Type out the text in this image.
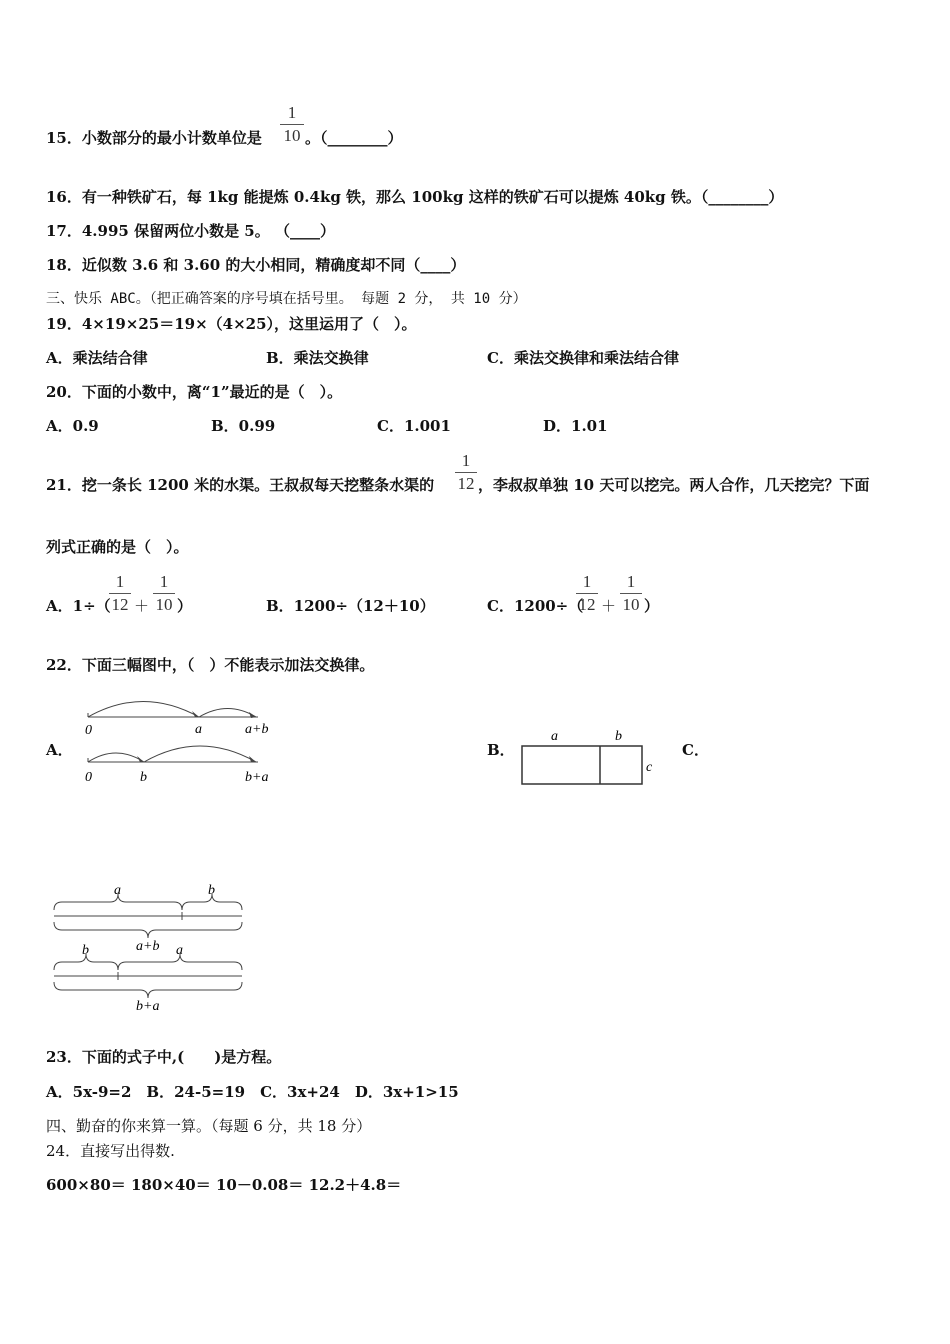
15．小数部分的最小计数单位是
1
10 。（________）
16．有一种铁矿石，每 1kg 能提炼 0.4kg 铁，那么 100kg 这样的铁矿石可以提炼 40kg 铁。（________）
17．4.995 保留两位小数是 5。 （____）
18．近似数 3.6 和 3.60 的大小相同，精确度却不同（____）
三、快乐 ABC。（把正确答案的序号填在括号里。 每题 2 分， 共 10 分）
19．4×19×25＝19×（4×25），这里运用了（　）。
A．乘法结合律	B．乘法交换律	C．乘法交换律和乘法结合律
20．下面的小数中，离“1”最近的是（　）。
A．0.9	B．0.99	C．1.001	D．1.01
21．挖一条长 1200 米的水渠。王叔叔每天挖整条水渠的
1
12 ，李叔叔单独 10 天可以挖完。两人合作，几天挖完？下面
列式正确的是（　）。
A．1÷（
1
12 ＋
1
10 ）	B．1200÷（12＋10）	C．1200÷（
1
12 ＋
1
10 ）
22．下面三幅图中，（　）不能表示加法交换律。
A．	B．	C．
0	a	a+b
0	b	b+a
a	b
c
a	b
a+b
b	a
b+a
23．下面的式子中,(　　)是方程。
A．5x-9=2　B．24-5=19　C．3x+24　D．3x+1>15
四、勤奋的你来算一算。（每题 6 分，共 18 分）
24．直接写出得数.
600×80＝ 180×40＝ 10－0.08＝ 12.2＋4.8＝
